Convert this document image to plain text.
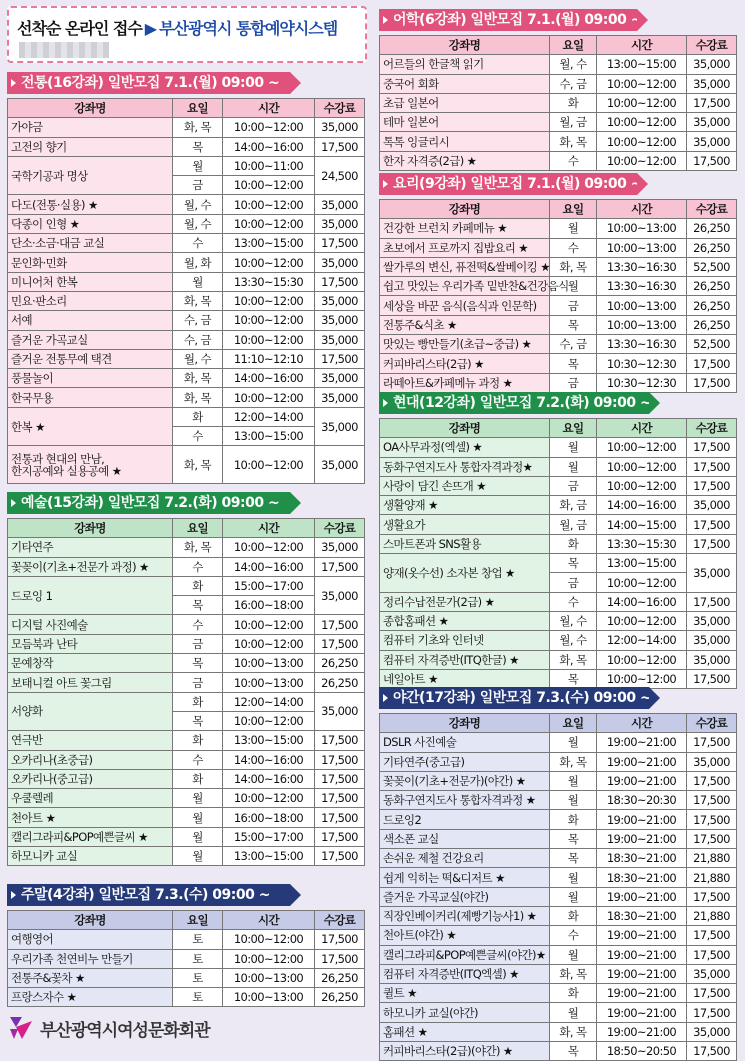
선착순 온라인 접수 ▶ 부산광역시 통합예약시스템
전통(16강좌) 일반모집 7.1.(월) 09:00 ~
강좌명	요일	시간	수강료
가야금	화, 목	10:00~12:00	35,000
고전의 향기	목	14:00~16:00	17,500
국학기공과 명상	월	10:00~11:00	24,500
	금	10:00~12:00	
다도(전통·실용) ★	월, 수	10:00~12:00	35,000
닥종이 인형 ★	월, 수	10:00~12:00	35,000
단소·소금·대금 교실	수	13:00~15:00	17,500
문인화·민화	월, 화	10:00~12:00	35,000
미니어처 한복	월	13:30~15:30	17,500
민요·판소리	화, 목	10:00~12:00	35,000
서예	수, 금	10:00~12:00	35,000
즐거운 가곡교실	수, 금	10:00~12:00	35,000
즐거운 전통무예 택견	월, 수	11:10~12:10	17,500
풍물놀이	화, 목	14:00~16:00	35,000
한국무용	화, 목	10:00~12:00	35,000
한복 ★	화	12:00~14:00	35,000
	수	13:00~15:00	

전통과 현대의 만남,
한지공예와 실용공예 ★	화, 목	10:00~12:00	35,000
예술(15강좌) 일반모집 7.2.(화) 09:00 ~
강좌명	요일	시간	수강료
기타연주	화, 목	10:00~12:00	35,000
꽃꽂이(기초+전문가 과정) ★	수	14:00~16:00	17,500
드로잉 1	화	15:00~17:00	35,000
	목	16:00~18:00	
디지털 사진예술	수	10:00~12:00	17,500
모듬북과 난타	금	10:00~12:00	17,500
문예창작	목	10:00~13:00	26,250
보태니컬 아트 꽃그림	금	10:00~13:00	26,250
서양화	화	12:00~14:00	35,000
	목	10:00~12:00	
연극반	화	13:00~15:00	17,500
오카리나(초중급)	수	14:00~16:00	17,500
오카리나(중고급)	화	14:00~16:00	17,500
우쿨렐레	월	10:00~12:00	17,500
천아트 ★	월	16:00~18:00	17,500
캘리그라피&POP예쁜글씨 ★	월	15:00~17:00	17,500
하모니카 교실	월	13:00~15:00	17,500
주말(4강좌) 일반모집 7.3.(수) 09:00 ~
강좌명	요일	시간	수강료
여행영어	토	10:00~12:00	17,500
우리가족 천연비누 만들기	토	10:00~12:00	17,500
전통주&꽃차 ★	토	10:00~13:00	26,250
프랑스자수 ★	토	10:00~13:00	26,250
어학(6강좌) 일반모집 7.1.(월) 09:00 ~
강좌명	요일	시간	수강료
어르들의 한글책 읽기	월, 수	13:00~15:00	35,000
중국어 회화	수, 금	10:00~12:00	35,000
초급 일본어	화	10:00~12:00	17,500
테마 일본어	월, 금	10:00~12:00	35,000
톡톡 잉글리시	화, 목	10:00~12:00	35,000
한자 자격증(2급) ★	수	10:00~12:00	17,500
요리(9강좌) 일반모집 7.1.(월) 09:00 ~
강좌명	요일	시간	수강료
건강한 브런치 카페메뉴 ★	월	10:00~13:00	26,250
초보에서 프로까지 집밥요리 ★	수	10:00~13:00	26,250
쌀가루의 변신, 퓨전떡&쌀베이킹 ★	화, 목	13:30~16:30	52,500
쉽고 맛있는 우리가족 밑반찬&건강음식	월	13:30~16:30	26,250
세상을 바꾼 음식(음식과 인문학)	금	10:00~13:00	26,250
전통주&식초 ★	목	10:00~13:00	26,250
맛있는 빵만들기(초급~중급) ★	수, 금	13:30~16:30	52,500
커피바리스타(2급) ★	목	10:30~12:30	17,500
라떼아트&카페메뉴 과정 ★	금	10:30~12:30	17,500
현대(12강좌) 일반모집 7.2.(화) 09:00 ~
강좌명	요일	시간	수강료
OA사무과정(엑셀) ★	월	10:00~12:00	17,500
동화구연지도사 통합자격과정★	월	10:00~12:00	17,500
사랑이 담긴 손뜨개 ★	금	10:00~12:00	17,500
생활양재 ★	화, 금	14:00~16:00	35,000
생활요가	월, 금	14:00~15:00	17,500
스마트폰과 SNS활용	화	13:30~15:30	17,500
양재(옷수선) 소자본 창업 ★	목	13:00~15:00	35,000
	금	10:00~12:00	
정리수납전문가(2급) ★	수	14:00~16:00	17,500
종합홈패션 ★	월, 수	10:00~12:00	35,000
컴퓨터 기초와 인터넷	월, 수	12:00~14:00	35,000
컴퓨터 자격증반(ITQ한글) ★	화, 목	10:00~12:00	35,000
네일아트 ★	목	10:00~12:00	17,500
야간(17강좌) 일반모집 7.3.(수) 09:00 ~
강좌명	요일	시간	수강료
DSLR 사진예술	월	19:00~21:00	17,500
기타연주(중고급)	화, 목	19:00~21:00	35,000
꽃꽂이(기초+전문가)(야간) ★	월	19:00~21:00	17,500
동화구연지도사 통합자격과정 ★	월	18:30~20:30	17,500
드로잉2	화	19:00~21:00	17,500
색소폰 교실	목	19:00~21:00	17,500
손쉬운 제철 건강요리	목	18:30~21:00	21,880
쉽게 익히는 떡&디저트 ★	월	18:30~21:00	21,880
즐거운 가곡교실(야간)	월	19:00~21:00	17,500
직장인베이커리(제빵기능사1) ★	화	18:30~21:00	21,880
천아트(야간) ★	수	19:00~21:00	17,500
캘리그라피&POP예쁜글씨(야간)★	월	19:00~21:00	17,500
컴퓨터 자격증반(ITQ엑셀) ★	화, 목	19:00~21:00	35,000
퀼트 ★	화	19:00~21:00	17,500
하모니카 교실(야간)	월	19:00~21:00	17,500
홈패션 ★	화, 목	19:00~21:00	35,000
커피바리스타(2급)(야간) ★	목	18:50~20:50	17,500
부산광역시여성문화회관
